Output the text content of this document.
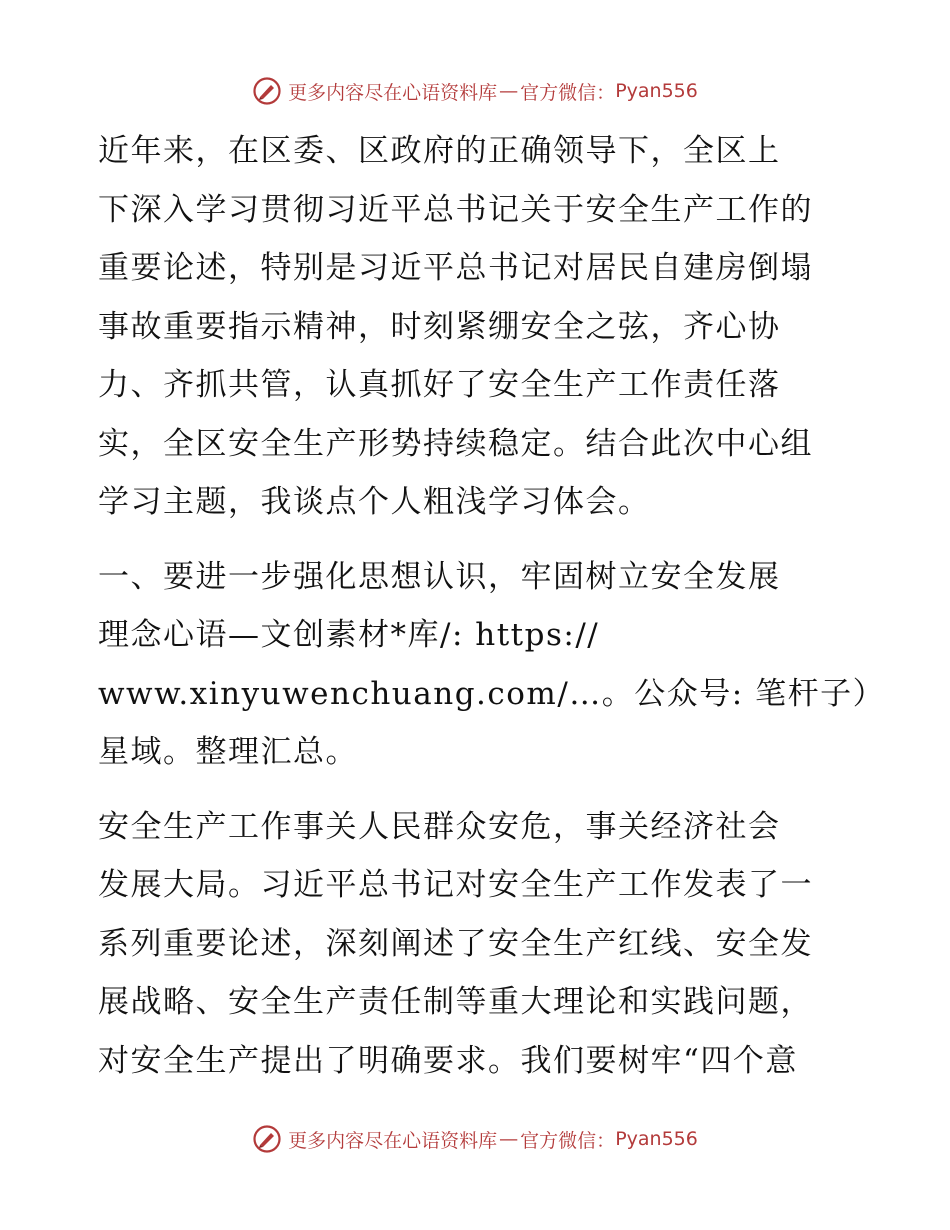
更多内容尽在心语资料库 — 官方微信： Pyan556

近年来，在区委、区政府的正确领导下，全区上
下深入学习贯彻习近平总书记关于安全生产工作的
重要论述，特别是习近平总书记对居民自建房倒塌
事故重要指示精神，时刻紧绷安全之弦，齐心协
力、齐抓共管，认真抓好了安全生产工作责任落
实，全区安全生产形势持续稳定。结合此次中心组
学习主题，我谈点个人粗浅学习体会。

一、要进一步强化思想认识，牢固树立安全发展
理念心语—文创素材*库/: https://
www.xinyuwenchuang.com/…。公众号: 笔杆子）
星域。整理汇总。

安全生产工作事关人民群众安危，事关经济社会
发展大局。习近平总书记对安全生产工作发表了一
系列重要论述，深刻阐述了安全生产红线、安全发
展战略、安全生产责任制等重大理论和实践问题，
对安全生产提出了明确要求。我们要树牢“四个意

更多内容尽在心语资料库 — 官方微信： Pyan556
